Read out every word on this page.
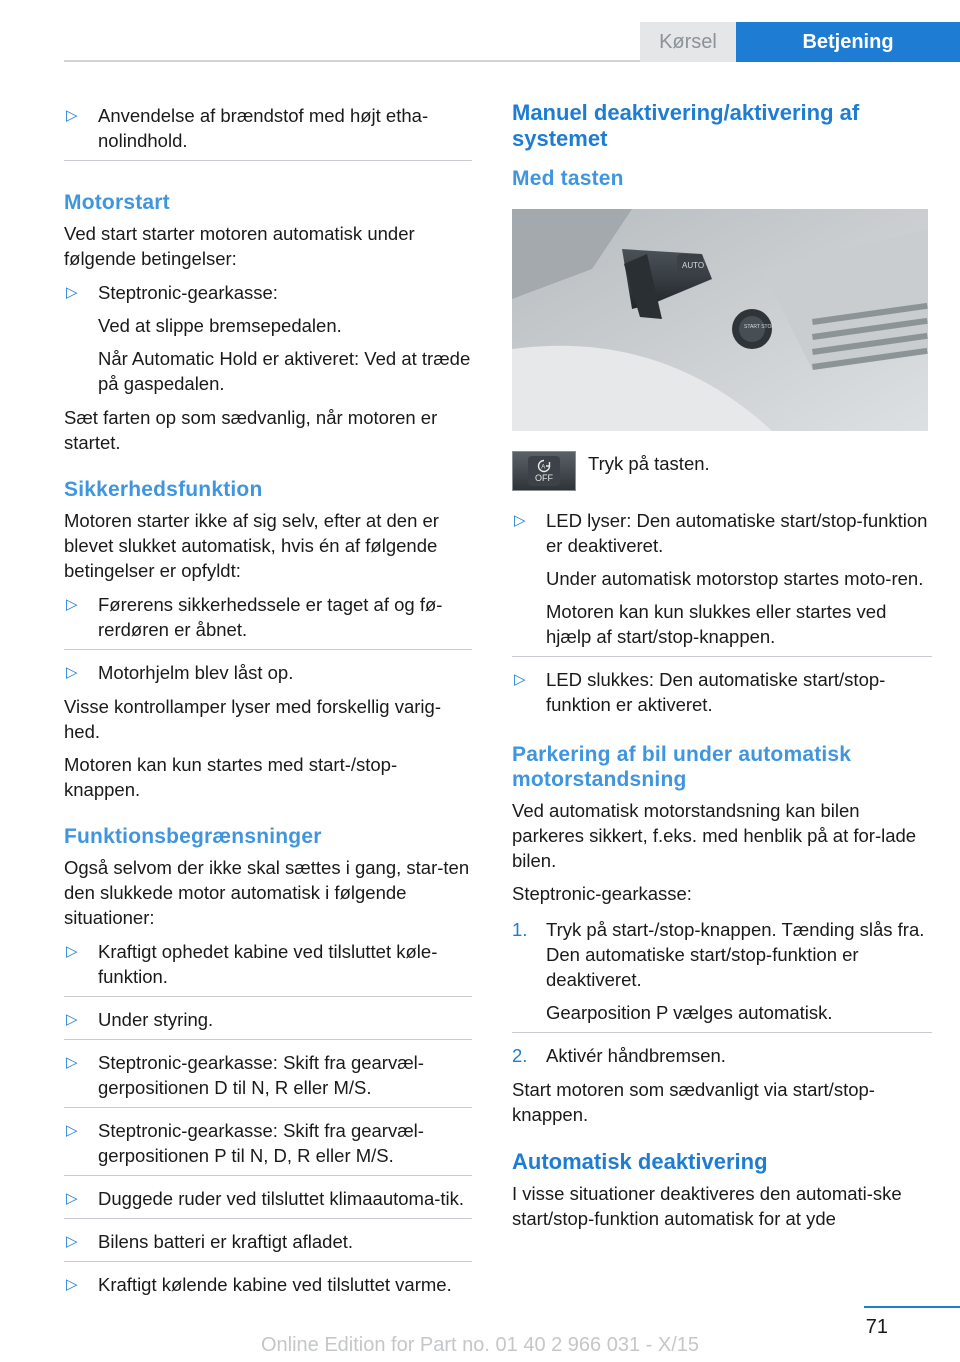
Kørsel	Betjening
▷	Anvendelse af brændstof med højt etha-nolindhold.

Motorstart

Ved start starter motoren automatisk under følgende betingelser:

▷	Steptronic-gearkasse:

Ved at slippe bremsepedalen.

Når Automatic Hold er aktiveret: Ved at træde på gaspedalen.

Sæt farten op som sædvanlig, når motoren er startet.

Sikkerhedsfunktion

Motoren starter ikke af sig selv, efter at den er blevet slukket automatisk, hvis én af følgende betingelser er opfyldt:

▷	Førerens sikkerhedssele er taget af og fø-rerdøren er åbnet.

▷	Motorhjelm blev låst op.

Visse kontrollamper lyser med forskellig varig-hed.

Motoren kan kun startes med start-/stop-knappen.

Funktionsbegrænsninger

Også selvom der ikke skal sættes i gang, star-ten den slukkede motor automatisk i følgende situationer:

▷	Kraftigt ophedet kabine ved tilsluttet køle-funktion.

▷	Under styring.

▷	Steptronic-gearkasse: Skift fra gearvæl-gerpositionen D til N, R eller M/S.

▷	Steptronic-gearkasse: Skift fra gearvæl-gerpositionen P til N, D, R eller M/S.

▷	Duggede ruder ved tilsluttet klimaautoma-tik.

▷	Bilens batteri er kraftigt afladet.

▷	Kraftigt kølende kabine ved tilsluttet varme.

Manuel deaktivering/aktivering af systemet
Med tasten
AUTO
START STOP
A
OFF
Tryk på tasten.
▷	LED lyser: Den automatiske start/stop-funktion er deaktiveret.

Under automatisk motorstop startes moto-ren.

Motoren kan kun slukkes eller startes ved hjælp af start/stop-knappen.

▷	LED slukkes: Den automatiske start/stop-funktion er aktiveret.

Parkering af bil under automatisk motorstandsning

Ved automatisk motorstandsning kan bilen parkeres sikkert, f.eks. med henblik på at for-lade bilen.

Steptronic-gearkasse:

1.	Tryk på start-/stop-knappen. Tænding slås fra. Den automatiske start/stop-funktion er deaktiveret.

Gearposition P vælges automatisk.

2.	Aktivér håndbremsen.

Start motoren som sædvanligt via start/stop-knappen.

Automatisk deaktivering

I visse situationer deaktiveres den automati-ske start/stop-funktion automatisk for at yde

71
Online Edition for Part no. 01 40 2 966 031 - X/15
